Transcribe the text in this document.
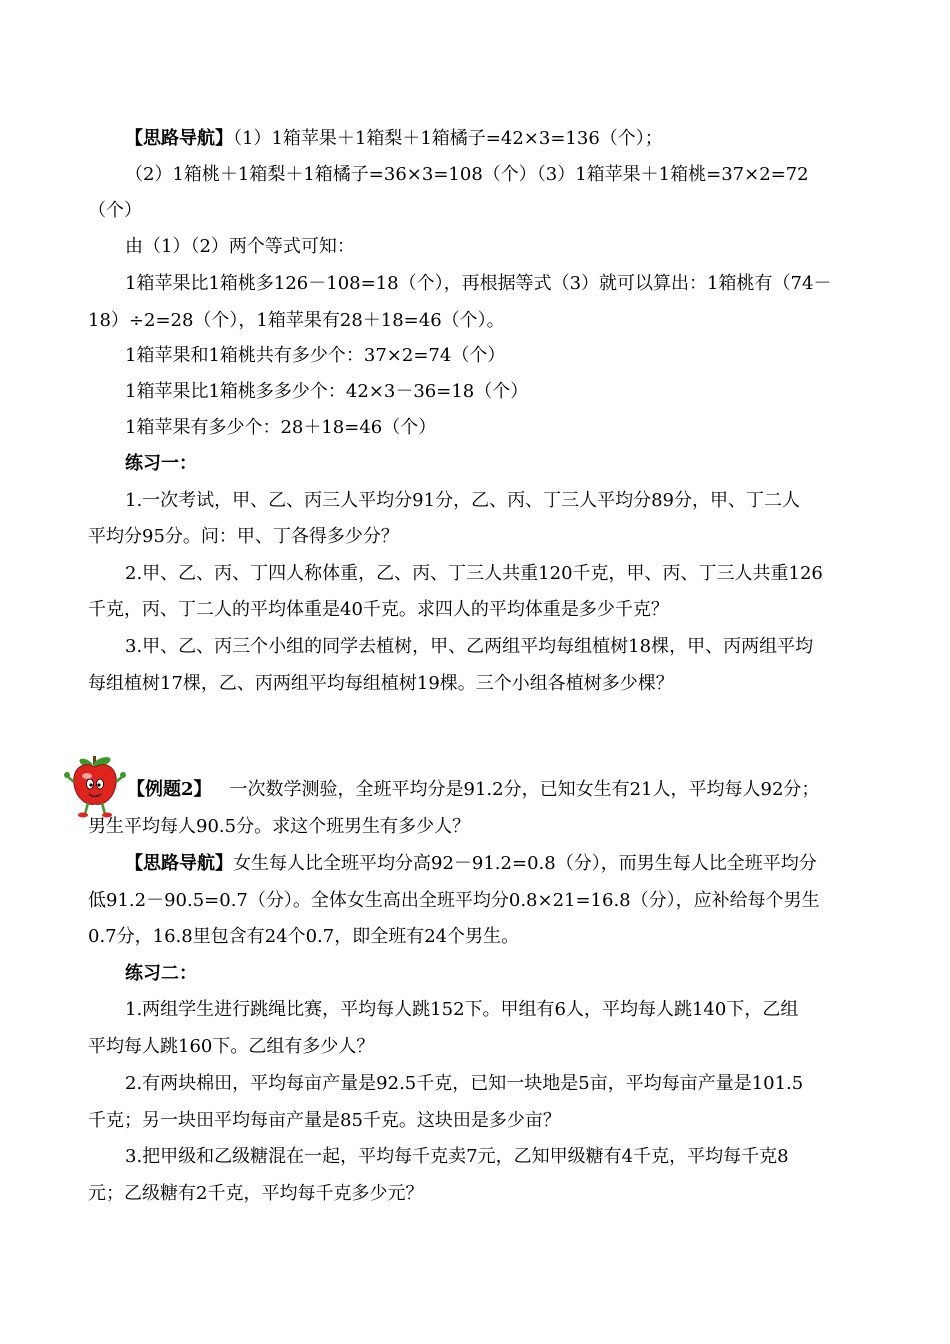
【思路导航】（1）1箱苹果＋1箱梨＋1箱橘子=42×3=136（个）；
（2）1箱桃＋1箱梨＋1箱橘子=36×3=108（个）（3）1箱苹果＋1箱桃=37×2=72
（个）
由（1）（2）两个等式可知：
1箱苹果比1箱桃多126－108=18（个），再根据等式（3）就可以算出：1箱桃有（74－
18）÷2=28（个），1箱苹果有28＋18=46（个）。
1箱苹果和1箱桃共有多少个：37×2=74（个）
1箱苹果比1箱桃多多少个：42×3－36=18（个）
1箱苹果有多少个：28＋18=46（个）
练习一：
1.一次考试，甲、乙、丙三人平均分91分，乙、丙、丁三人平均分89分，甲、丁二人
平均分95分。问：甲、丁各得多少分？
2.甲、乙、丙、丁四人称体重，乙、丙、丁三人共重120千克，甲、丙、丁三人共重126
千克，丙、丁二人的平均体重是40千克。求四人的平均体重是多少千克？
3.甲、乙、丙三个小组的同学去植树，甲、乙两组平均每组植树18棵，甲、丙两组平均
每组植树17棵，乙、丙两组平均每组植树19棵。三个小组各植树多少棵？
【例题2】 一次数学测验，全班平均分是91.2分，已知女生有21人，平均每人92分；
男生平均每人90.5分。求这个班男生有多少人？
【思路导航】女生每人比全班平均分高92－91.2=0.8（分），而男生每人比全班平均分
低91.2－90.5=0.7（分）。全体女生高出全班平均分0.8×21=16.8（分），应补给每个男生
0.7分，16.8里包含有24个0.7，即全班有24个男生。
练习二：
1.两组学生进行跳绳比赛，平均每人跳152下。甲组有6人，平均每人跳140下，乙组
平均每人跳160下。乙组有多少人？
2.有两块棉田，平均每亩产量是92.5千克，已知一块地是5亩，平均每亩产量是101.5
千克；另一块田平均每亩产量是85千克。这块田是多少亩？
3.把甲级和乙级糖混在一起，平均每千克卖7元，乙知甲级糖有4千克，平均每千克8
元；乙级糖有2千克，平均每千克多少元？
